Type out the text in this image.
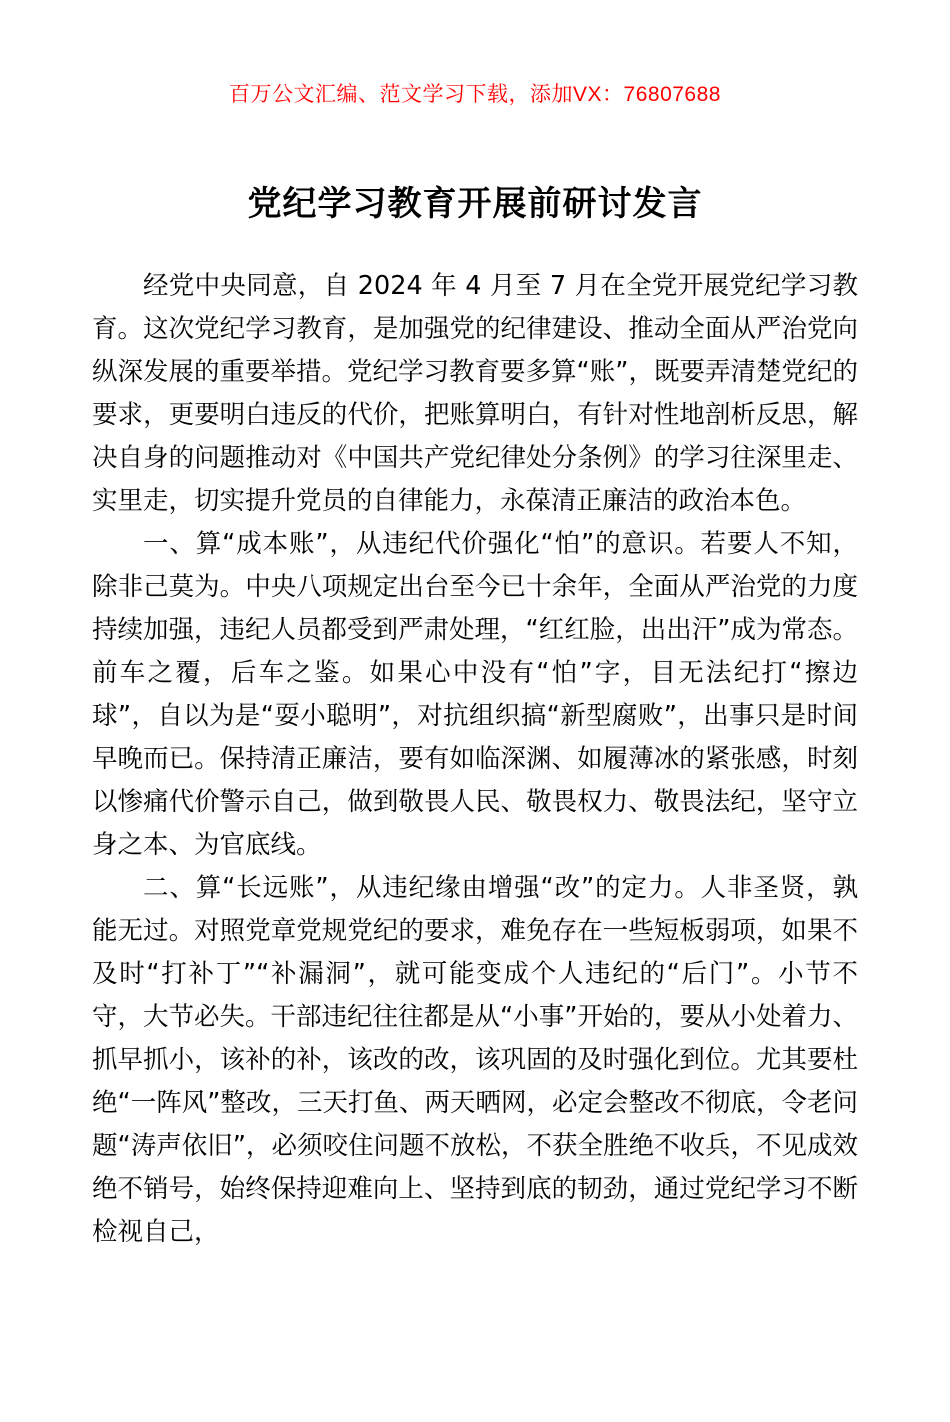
百万公文汇编、范文学习下载，添加VX：76807688
党纪学习教育开展前研讨发言

经党中央同意，自 2024 年 4 月至 7 月在全党开展党纪学习教育。这次党纪学习教育，是加强党的纪律建设、推动全面从严治党向纵深发展的重要举措。党纪学习教育要多算“账”，既要弄清楚党纪的要求，更要明白违反的代价，把账算明白，有针对性地剖析反思，解决自身的问题推动对《中国共产党纪律处分条例》的学习往深里走、实里走，切实提升党员的自律能力，永葆清正廉洁的政治本色。

一、算“成本账”，从违纪代价强化“怕”的意识。若要人不知，除非己莫为。中央八项规定出台至今已十余年，全面从严治党的力度持续加强，违纪人员都受到严肃处理，“红红脸，出出汗”成为常态。前车之覆，后车之鉴。如果心中没有“怕”字，目无法纪打“擦边球”，自以为是“耍小聪明”，对抗组织搞“新型腐败”，出事只是时间早晚而已。保持清正廉洁，要有如临深渊、如履薄冰的紧张感，时刻以惨痛代价警示自己，做到敬畏人民、敬畏权力、敬畏法纪，坚守立身之本、为官底线。

二、算“长远账”，从违纪缘由增强“改”的定力。人非圣贤，孰能无过。对照党章党规党纪的要求，难免存在一些短板弱项，如果不及时“打补丁”“补漏洞”，就可能变成个人违纪的“后门”。小节不守，大节必失。干部违纪往往都是从“小事”开始的，要从小处着力、抓早抓小，该补的补，该改的改，该巩固的及时强化到位。尤其要杜绝“一阵风”整改，三天打鱼、两天晒网，必定会整改不彻底，令老问题“涛声依旧”，必须咬住问题不放松，不获全胜绝不收兵，不见成效绝不销号，始终保持迎难向上、坚持到底的韧劲，通过党纪学习不断检视自己，
